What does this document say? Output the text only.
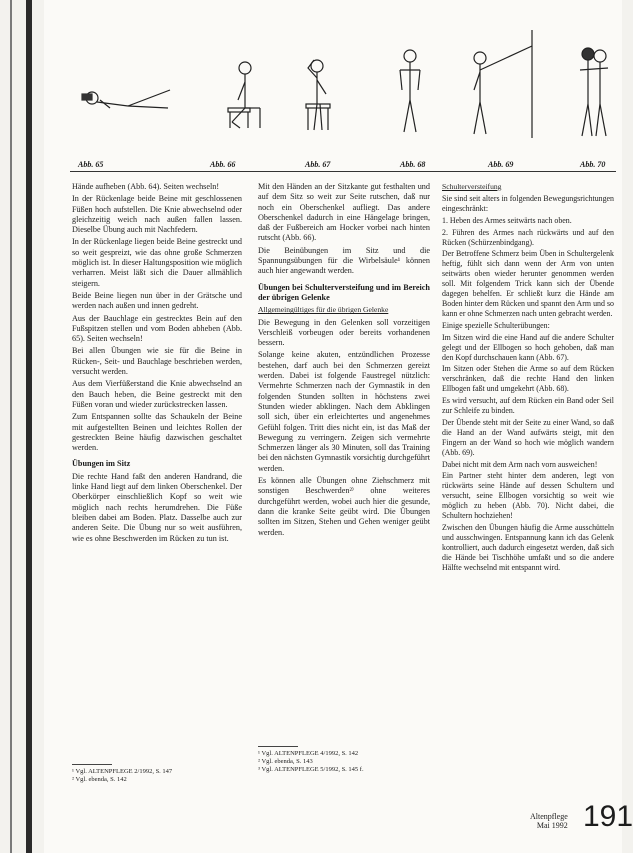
Abb. 65	Abb. 66	Abb. 67	Abb. 68	Abb. 69	Abb. 70

Hände aufheben (Abb. 64). Seiten wechseln!

In der Rückenlage beide Beine mit geschlossenen Füßen hoch aufstellen. Die Knie abwechselnd oder gleichzeitig weich nach außen fallen lassen. Dieselbe Übung auch mit Nachfedern.

In der Rückenlage liegen beide Beine gestreckt und so weit gespreizt, wie das ohne große Schmerzen möglich ist. In dieser Haltungsposition wie möglich verharren. Meist läßt sich die Dauer allmählich steigern.

Beide Beine liegen nun über in der Grätsche und werden nach außen und innen gedreht.

Aus der Bauchlage ein gestrecktes Bein auf den Fußspitzen stellen und vom Boden abheben (Abb. 65). Seiten wechseln!

Bei allen Übungen wie sie für die Beine in Rücken-, Seit- und Bauchlage beschrieben werden, versucht werden.

Aus dem Vierfüßerstand die Knie abwechselnd an den Bauch heben, die Beine gestreckt mit den Füßen voran und wieder zurückstrecken lassen.

Zum Entspannen sollte das Schaukeln der Beine mit aufgestellten Beinen und leichtes Rollen der gestreckten Beine häufig dazwischen geschaltet werden.

Übungen im Sitz

Die rechte Hand faßt den anderen Handrand, die linke Hand liegt auf dem linken Oberschenkel. Der Oberkörper einschließlich Kopf so weit wie möglich nach rechts herumdrehen. Die Füße bleiben dabei am Boden. Platz. Dasselbe auch zur anderen Seite. Die Übung nur so weit ausführen, wie es ohne Beschwerden im Rücken zu tun ist.

¹ Vgl. ALTENPFLEGE 2/1992, S. 147
² Vgl. ebenda, S. 142

Mit den Händen an der Sitzkante gut festhalten und auf dem Sitz so weit zur Seite rutschen, daß nur noch ein Oberschenkel aufliegt. Das andere Oberschenkel dadurch in eine Hängelage bringen, daß der Fußbereich am Hocker vorbei nach hinten rutscht (Abb. 66).

Die Beinübungen im Sitz und die Spannungsübungen für die Wirbelsäule¹ können auch hier angewandt werden.

Übungen bei Schulterversteifung und im Bereich der übrigen Gelenke

Allgemeingültiges für die übrigen Gelenke

Die Bewegung in den Gelenken soll vorzeitigen Verschleiß vorbeugen oder bereits vorhandenen bessern.

Solange keine akuten, entzündlichen Prozesse bestehen, darf auch bei den Schmerzen gereizt werden. Dabei ist folgende Faustregel nützlich: Vermehrte Schmerzen nach der Gymnastik in den folgenden Stunden sollten in höchstens zwei Stunden wieder abklingen. Nach dem Abklingen soll sich, über ein erleichtertes und angenehmes Gefühl folgen. Tritt dies nicht ein, ist das Maß der Bewegung zu verringern. Zeigen sich vermehrte Schmerzen länger als 30 Minuten, soll das Training bei den nächsten Gymnastik vorsichtig durchgeführt werden.

Es können alle Übungen ohne Ziehschmerz mit sonstigen Beschwerden²⁾ ohne weiteres durchgeführt werden, wobei auch hier die gesunde, dann die kranke Seite geübt wird. Die Übungen sollten im Sitzen, Stehen und Gehen weniger geübt werden.

¹ Vgl. ALTENPFLEGE 4/1992, S. 142
² Vgl. ebenda, S. 143
³ Vgl. ALTENPFLEGE 5/1992, S. 145 f.

Schulterversteifung

Sie sind seit alters in folgenden Bewegungsrichtungen eingeschränkt:

1. Heben des Armes seitwärts nach oben.

2. Führen des Armes nach rückwärts und auf den Rücken (Schürzenbindgang).

Der Betroffene Schmerz beim Üben in Schultergelenk heftig, fühlt sich dann wenn der Arm von unten seitwärts oben wieder herunter genommen werden soll. Mit folgendem Trick kann sich der Übende dagegen behelfen. Er schließt kurz die Hände am Boden hinter dem Rücken und spannt den Arm und so kann er ohne Schmerzen nach unten gebracht werden.

Einige spezielle Schulterübungen:

Im Sitzen wird die eine Hand auf die andere Schulter gelegt und der Ellbogen so hoch gehoben, daß man den Kopf durchschauen kann (Abb. 67).

Im Sitzen oder Stehen die Arme so auf dem Rücken verschränken, daß die rechte Hand den linken Ellbogen faßt und umgekehrt (Abb. 68).

Es wird versucht, auf dem Rücken ein Band oder Seil zur Schleife zu binden.

Der Übende steht mit der Seite zu einer Wand, so daß die Hand an der Wand aufwärts steigt, mit den Fingern an der Wand so hoch wie möglich wandern (Abb. 69).

Dabei nicht mit dem Arm nach vorn ausweichen!

Ein Partner steht hinter dem anderen, legt von rückwärts seine Hände auf dessen Schultern und versucht, seine Ellbogen vorsichtig so weit wie möglich zu heben (Abb. 70). Nicht dabei, die Schultern hochziehen!

Zwischen den Übungen häufig die Arme ausschütteln und ausschwingen. Entspannung kann ich das Gelenk kontrolliert, auch dadurch eingesetzt werden, daß sich die Hände bei Tischhöhe umfaßt und so die andere Hälfte wechselnd mit entspannt wird.

Altenpflege
Mai 1992 191
